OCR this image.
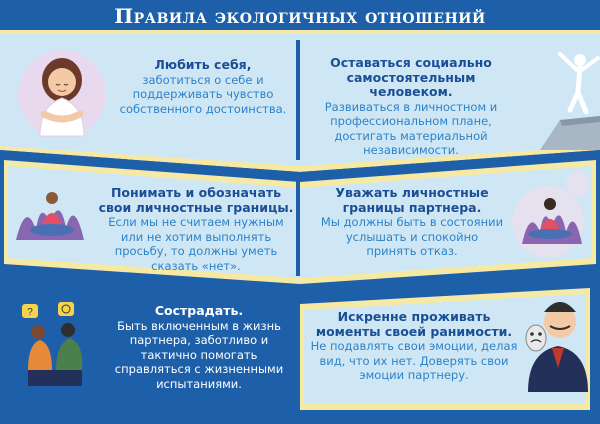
Правила экологичных отношений
?
Любить себя,
заботиться о себе и поддерживать чувство собственного достоинства.
Оставаться социально самостоятельным человеком.
Развиваться в личностном и профессиональном плане, достигать материальной независимости.
Понимать и обозначать свои личностные границы.
Если мы не считаем нужным или не хотим выполнять просьбу, то должны уметь сказать «нет».
Уважать личностные границы партнера.
Мы должны быть в состоянии услышать и спокойно принять отказ.
Сострадать.
Быть включенным в жизнь партнера, заботливо и тактично помогать справляться с жизненными испытаниями.
Искренне проживать моменты своей ранимости.
Не подавлять свои эмоции, делая вид, что их нет. Доверять свои эмоции партнеру.
